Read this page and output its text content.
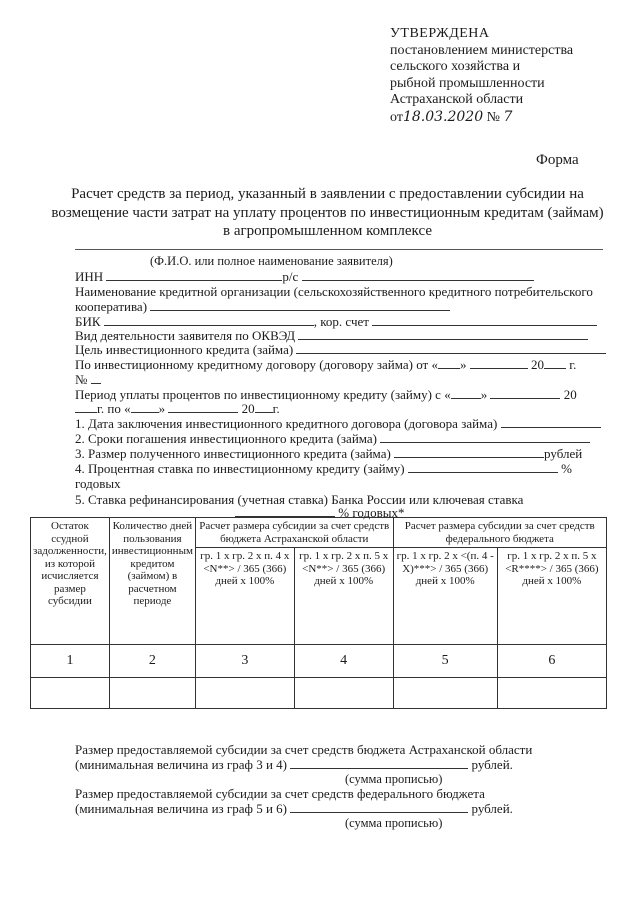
УТВЕРЖДЕНА
постановлением министерства
сельского хозяйства и
рыбной промышленности
Астраханской области
от18.03.2020 № 7
Форма
Расчет средств за период, указанный в заявлении с предоставлении субсидии на возмещение части затрат на уплату процентов по инвестиционным кредитам (займам) в агропромышленном комплексе
(Ф.И.О. или полное наименование заявителя)
ИНН	р/с
Наименование кредитной организации (сельскохозяйственного кредитного потребительского кооператива)
БИК	, кор. счет
Вид деятельности заявителя по ОКВЭД
Цель инвестиционного кредита (займа)
По инвестиционному кредитному договору (договору займа) от « »	20 г.
№
Период уплаты процентов по инвестиционному кредиту (займу) с « »	20
г. по « »	20 г.
1. Дата заключения инвестиционного кредитного договора (договора займа)
2. Сроки погашения инвестиционного кредита (займа)
3. Размер полученного инвестиционного кредита (займа)	рублей
4. Процентная ставка по инвестиционному кредиту (займу)	% годовых
5. Ставка рефинансирования (учетная ставка) Банка России или ключевая ставка
% годовых*
Остаток ссудной задолженности, из которой исчисляется размер субсидии	Количество дней пользования инвестиционным кредитом (займом) в расчетном периоде	Расчет размера субсидии за счет средств бюджета Астраханской области		Расчет размера субсидии за счет средств федерального бюджета	
		гр. 1 х гр. 2 х п. 4 х <N**> / 365 (366) дней х 100%	гр. 1 х гр. 2 х п. 5 х <N**> / 365 (366) дней х 100%	гр. 1 х гр. 2 х <(п. 4 - X)***> / 365 (366) дней х 100%	гр. 1 х гр. 2 х п. 5 х <R****> / 365 (366) дней х 100%
1	2	3	4	5	6

Размер предоставляемой субсидии за счет средств бюджета Астраханской области
(минимальная величина из граф 3 и 4)	рублей.
(сумма прописью)
Размер предоставляемой субсидии за счет средств федерального бюджета
(минимальная величина из граф 5 и 6)	рублей.
(сумма прописью)
